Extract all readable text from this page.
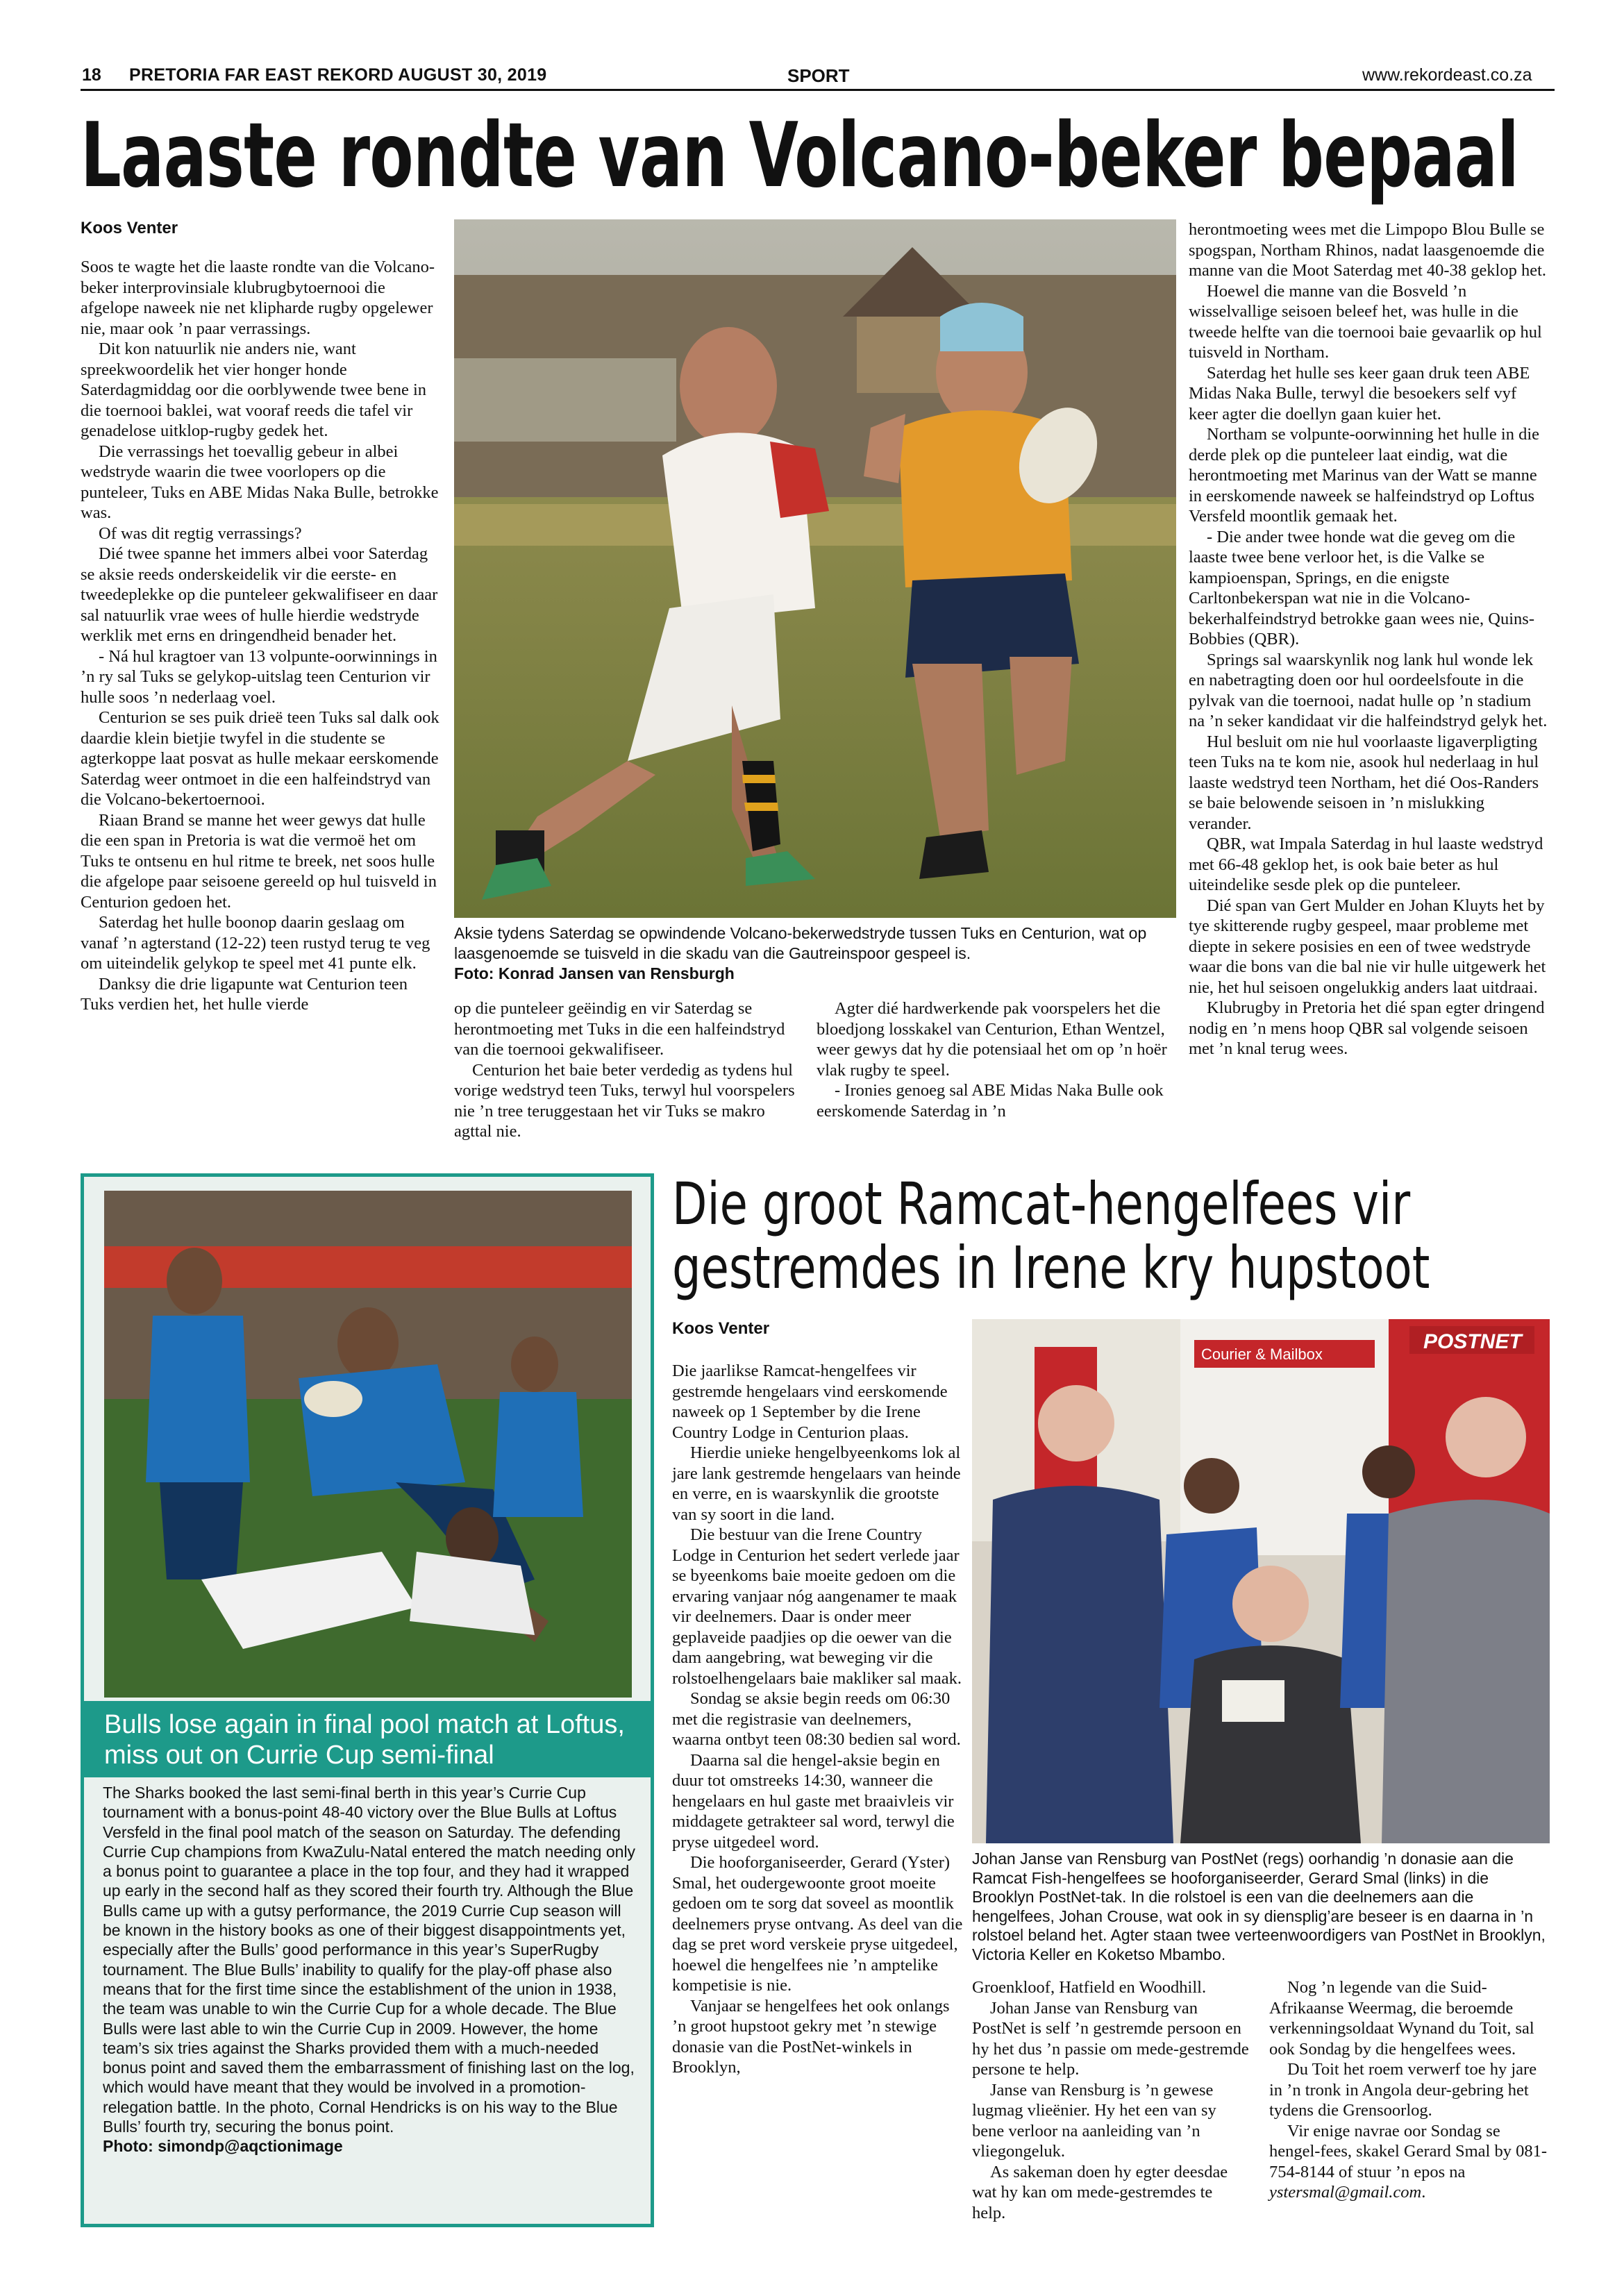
18 PRETORIA FAR EAST REKORD AUGUST 30, 2019	SPORT	www.rekordeast.co.za
Laaste rondte van Volcano-beker bepaal
Koos Venter

Soos te wagte het die laaste rondte van die Volcano-beker interprovinsiale klubrugbytoernooi die afgelope naweek nie net klipharde rugby opgelewer nie, maar ook ’n paar verrassings.

Dit kon natuurlik nie anders nie, want spreekwoordelik het vier honger honde Saterdagmiddag oor die oorblywende twee bene in die toernooi baklei, wat vooraf reeds die tafel vir genadelose uitklop-rugby gedek het.

Die verrassings het toevallig gebeur in albei wedstryde waarin die twee voorlopers op die punteleer, Tuks en ABE Midas Naka Bulle, betrokke was.

Of was dit regtig verrassings?

Dié twee spanne het immers albei voor Saterdag se aksie reeds onderskeidelik vir die eerste- en tweedeplekke op die punteleer gekwalifiseer en daar sal natuurlik vrae wees of hulle hierdie wedstryde werklik met erns en dringendheid benader het.

- Ná hul kragtoer van 13 volpunte-oorwinnings in ’n ry sal Tuks se gelykop-uitslag teen Centurion vir hulle soos ’n nederlaag voel.

Centurion se ses puik drieë teen Tuks sal dalk ook daardie klein bietjie twyfel in die studente se agterkoppe laat posvat as hulle mekaar eerskomende Saterdag weer ontmoet in die een halfeindstryd van die Volcano-bekertoernooi.

Riaan Brand se manne het weer gewys dat hulle die een span in Pretoria is wat die vermoë het om Tuks te ontsenu en hul ritme te breek, net soos hulle die afgelope paar seisoene gereeld op hul tuisveld in Centurion gedoen het.

Saterdag het hulle boonop daarin geslaag om vanaf ’n agterstand (12-22) teen rustyd terug te veg om uiteindelik gelykop te speel met 41 punte elk.

Danksy die drie ligapunte wat Centurion teen Tuks verdien het, het hulle vierde

Aksie tydens Saterdag se opwindende Volcano-bekerwedstryde tussen Tuks en Centurion, wat op laasgenoemde se tuisveld in die skadu van die Gautreinspoor gespeel is.
Foto: Konrad Jansen van Rensburgh

op die punteleer geëindig en vir Saterdag se herontmoeting met Tuks in die een halfeindstryd van die toernooi gekwalifiseer.

Centurion het baie beter verdedig as tydens hul vorige wedstryd teen Tuks, terwyl hul voorspelers nie ’n tree teruggestaan het vir Tuks se makro agttal nie.

Agter dié hardwerkende pak voorspelers het die bloedjong losskakel van Centurion, Ethan Wentzel, weer gewys dat hy die potensiaal het om op ’n hoër vlak rugby te speel.

- Ironies genoeg sal ABE Midas Naka Bulle ook eerskomende Saterdag in ’n

herontmoeting wees met die Limpopo Blou Bulle se spogspan, Northam Rhinos, nadat laasgenoemde die manne van die Moot Saterdag met 40-38 geklop het.

Hoewel die manne van die Bosveld ’n wisselvallige seisoen beleef het, was hulle in die tweede helfte van die toernooi baie gevaarlik op hul tuisveld in Northam.

Saterdag het hulle ses keer gaan druk teen ABE Midas Naka Bulle, terwyl die besoekers self vyf keer agter die doellyn gaan kuier het.

Northam se volpunte-oorwinning het hulle in die derde plek op die punteleer laat eindig, wat die herontmoeting met Marinus van der Watt se manne in eerskomende naweek se halfeindstryd op Loftus Versfeld moontlik gemaak het.

- Die ander twee honde wat die geveg om die laaste twee bene verloor het, is die Valke se kampioenspan, Springs, en die enigste Carltonbekerspan wat nie in die Volcano-bekerhalfeindstryd betrokke gaan wees nie, Quins-Bobbies (QBR).

Springs sal waarskynlik nog lank hul wonde lek en nabetragting doen oor hul oordeelsfoute in die pylvak van die toernooi, nadat hulle op ’n stadium na ’n seker kandidaat vir die halfeindstryd gelyk het.

Hul besluit om nie hul voorlaaste ligaverpligting teen Tuks na te kom nie, asook hul nederlaag in hul laaste wedstryd teen Northam, het dié Oos-Randers se baie belowende seisoen in ’n mislukking verander.

QBR, wat Impala Saterdag in hul laaste wedstryd met 66-48 geklop het, is ook baie beter as hul uiteindelike sesde plek op die punteleer.

Dié span van Gert Mulder en Johan Kluyts het by tye skitterende rugby gespeel, maar probleme met diepte in sekere posisies en een of twee wedstryde waar die bons van die bal nie vir hulle uitgewerk het nie, het hul seisoen ongelukkig anders laat uitdraai.

Klubrugby in Pretoria het dié span egter dringend nodig en ’n mens hoop QBR sal volgende seisoen met ’n knal terug wees.

Bulls lose again in final pool match at Loftus, miss out on Currie Cup semi-final
The Sharks booked the last semi-final berth in this year’s Currie Cup tournament with a bonus-point 48-40 victory over the Blue Bulls at Loftus Versfeld in the final pool match of the season on Saturday. The defending Currie Cup champions from KwaZulu-Natal entered the match needing only a bonus point to guarantee a place in the top four, and they had it wrapped up early in the second half as they scored their fourth try. Although the Blue Bulls came up with a gutsy performance, the 2019 Currie Cup season will be known in the history books as one of their biggest disappointments yet, especially after the Bulls’ good performance in this year’s SuperRugby tournament. The Blue Bulls’ inability to qualify for the play-off phase also means that for the first time since the establishment of the union in 1938, the team was unable to win the Currie Cup for a whole decade. The Blue Bulls were last able to win the Currie Cup in 2009. However, the home team’s six tries against the Sharks provided them with a much-needed bonus point and saved them the embarrassment of finishing last on the log, which would have meant that they would be involved in a promotion-relegation battle. In the photo, Cornal Hendricks is on his way to the Blue Bulls’ fourth try, securing the bonus point.
Photo: simondp@aqctionimage
Die groot Ramcat-hengelfees vir gestremdes in Irene kry hupstoot
Koos Venter

Die jaarlikse Ramcat-hengelfees vir gestremde hengelaars vind eerskomende naweek op 1 September by die Irene Country Lodge in Centurion plaas.

Hierdie unieke hengelbyeenkoms lok al jare lank gestremde hengelaars van heinde en verre, en is waarskynlik die grootste van sy soort in die land.

Die bestuur van die Irene Country Lodge in Centurion het sedert verlede jaar se byeenkoms baie moeite gedoen om die ervaring vanjaar nóg aangenamer te maak vir deelnemers. Daar is onder meer geplaveide paadjies op die oewer van die dam aangebring, wat beweging vir die rolstoelhengelaars baie makliker sal maak.

Sondag se aksie begin reeds om 06:30 met die registrasie van deelnemers, waarna ontbyt teen 08:30 bedien sal word.

Daarna sal die hengel-aksie begin en duur tot omstreeks 14:30, wanneer die hengelaars en hul gaste met braaivleis vir middagete getrakteer sal word, terwyl die pryse uitgedeel word.

Die hooforganiseerder, Gerard (Yster) Smal, het oudergewoonte groot moeite gedoen om te sorg dat soveel as moontlik deelnemers pryse ontvang. As deel van die dag se pret word verskeie pryse uitgedeel, hoewel die hengelfees nie ’n amptelike kompetisie is nie.

Vanjaar se hengelfees het ook onlangs ’n groot hupstoot gekry met ’n stewige donasie van die PostNet-winkels in Brooklyn,

POSTNET
Courier & Mailbox
Johan Janse van Rensburg van PostNet (regs) oorhandig ’n donasie aan die Ramcat Fish-hengelfees se hooforganiseerder, Gerard Smal (links) in die Brooklyn PostNet-tak. In die rolstoel is een van die deelnemers aan die hengelfees, Johan Crouse, wat ook in sy diensplig’are beseer is en daarna in ’n rolstoel beland het. Agter staan twee verteenwoordigers van PostNet in Brooklyn, Victoria Keller en Koketso Mbambo.

Groenkloof, Hatfield en Woodhill.

Johan Janse van Rensburg van PostNet is self ’n gestremde persoon en hy het dus ’n passie om mede-gestremde persone te help.

Janse van Rensburg is ’n gewese lugmag vlieënier. Hy het een van sy bene verloor na aanleiding van ’n vliegongeluk.

As sakeman doen hy egter deesdae wat hy kan om mede-gestremdes te help.

Nog ’n legende van die Suid-Afrikaanse Weermag, die beroemde verkenningsoldaat Wynand du Toit, sal ook Sondag by die hengelfees wees.

Du Toit het roem verwerf toe hy jare in ’n tronk in Angola deur-gebring het tydens die Grensoorlog.

Vir enige navrae oor Sondag se hengel-fees, skakel Gerard Smal by 081-754-8144 of stuur ’n epos na

ystersmal@gmail.com.
